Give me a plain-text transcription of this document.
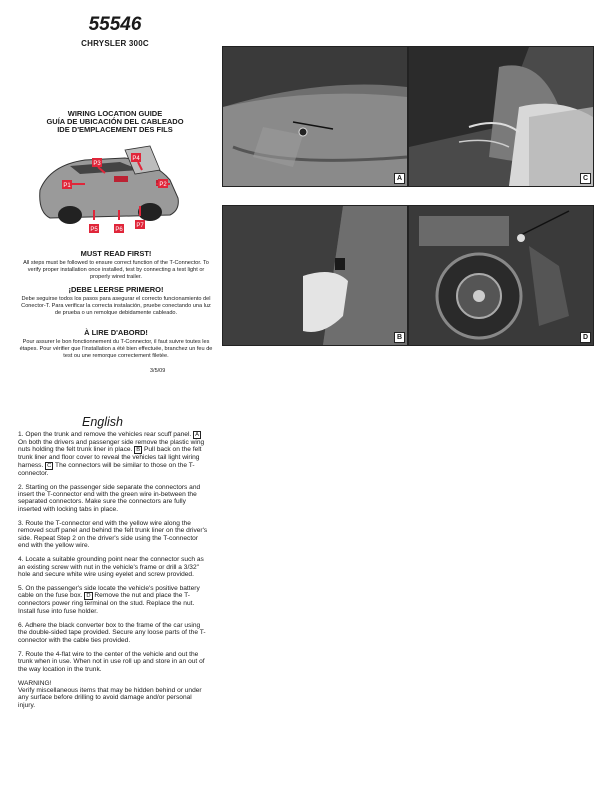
55546
CHRYSLER 300C
WIRING LOCATION GUIDE
GUÍA DE UBICACIÓN DEL CABLEADO
IDE D'EMPLACEMENT DES FILS
P3
P4
P1	P2
P5	P6
P7
MUST READ FIRST!
All steps must be followed to ensure correct function of the T-Connector. To verify proper installation once installed, test by connecting a test light or properly wired trailer.
¡DEBE LEERSE PRIMERO!
Debe seguirse todos los pasos para asegurar el correcto funcionamiento del Conector-T. Para verificar la correcta instalación, pruebe conectando una luz de prueba o un remolque debidamente cableado.
À LIRE D'ABORD!
Pour assurer le bon fonctionnement du T-Connector, il faut suivre toutes les étapes. Pour vérifier que l'installation a été bien effectuée, branchez un feu de test ou une remorque correctement filetée.
3/5/09
English

1. Open the trunk and remove the vehicles rear scuff panel. A On both the drivers and passenger side remove the plastic wing nuts holding the felt trunk liner in place. B Pull back on the felt trunk liner and floor cover to reveal the vehicles tail light wiring harness. C The connectors will be similar to those on the T-connector.

2. Starting on the passenger side separate the connectors and insert the T-connector end with the green wire in-between the separated connectors. Make sure the connectors are fully inserted with locking tabs in place.

3. Route the T-connector end with the yellow wire along the removed scuff panel and behind the felt trunk liner on the driver's side. Repeat Step 2 on the driver's side using the T-connector end with the yellow wire.

4. Locate a suitable grounding point near the connector such as an existing screw with nut in the vehicle's frame or drill a 3/32" hole and secure white wire using eyelet and screw provided.

5. On the passenger's side locate the vehicle's positive battery cable on the fuse box. D Remove the nut and place the T-connectors power ring terminal on the stud. Replace the nut. Install fuse into fuse holder.

6. Adhere the black converter box to the frame of the car using the double-sided tape provided. Secure any loose parts of the T-connector with the cable ties provided.

7. Route the 4-flat wire to the center of the vehicle and out the trunk when in use. When not in use roll up and store in an out of the way location in the trunk.

WARNING!
Verify miscellaneous items that may be hidden behind or under any surface before drilling to avoid damage and/or personal injury.

A	C
B	D
